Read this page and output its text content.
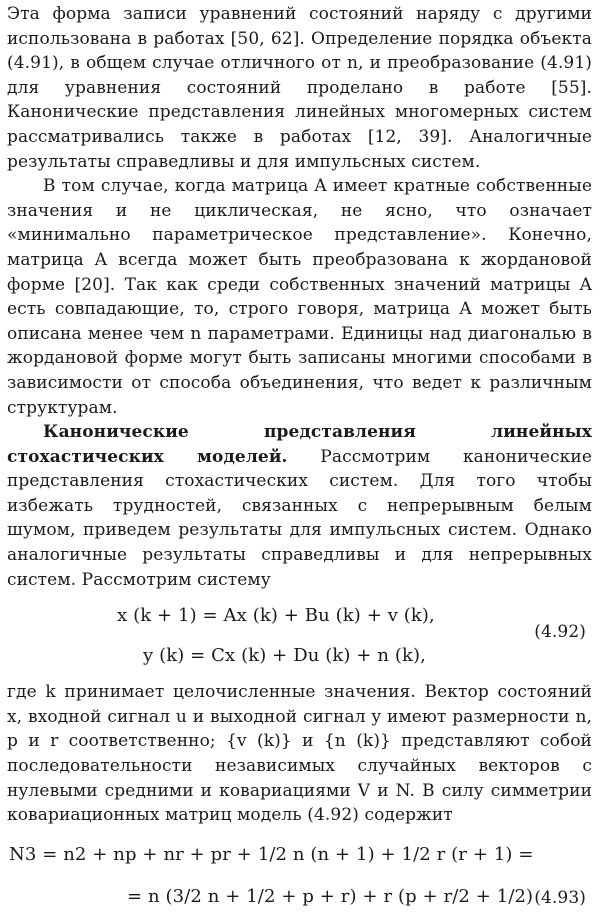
Эта форма записи уравнений состояний наряду с другими использована в работах [50, 62]. Определение порядка объекта (4.91), в общем случае отличного от n, и преобразование (4.91) для уравнения состояний проделано в работе [55]. Канонические представления линейных многомерных систем рассматривались также в работах [12, 39]. Аналогичные результаты справедливы и для импульсных систем.

В том случае, когда матрица A имеет кратные собственные значения и не циклическая, не ясно, что означает «минимально параметрическое представление». Конечно, матрица A всегда может быть преобразована к жордановой форме [20]. Так как среди собственных значений матрицы A есть совпадающие, то, строго говоря, матрица A может быть описана менее чем n параметрами. Единицы над диагональю в жордановой форме могут быть записаны многими способами в зависимости от способа объединения, что ведет к различным структурам.

Канонические представления линейных стохастических моделей. Рассмотрим канонические представления стохастических систем. Для того чтобы избежать трудностей, связанных с непрерывным белым шумом, приведем результаты для импульсных систем. Однако аналогичные результаты справедливы и для непрерывных систем. Рассмотрим систему

x (k + 1) = Ax (k) + Bu (k) + v (k),
(4.92)
y (k) = Cx (k) + Du (k) + n (k),

где k принимает целочисленные значения. Вектор состояний x, входной сигнал u и выходной сигнал y имеют размерности n, p и r соответственно; {v (k)} и {n (k)} представляют собой последовательности независимых случайных векторов с нулевыми средними и ковариациями V и N. В силу симметрии ковариационных матриц модель (4.92) содержит

N3 = n2 + np + nr + pr + 1/2 n (n + 1) + 1/2 r (r + 1) =
= n (3/2 n + 1/2 + p + r) + r (p + r/2 + 1/2) (4.93)
